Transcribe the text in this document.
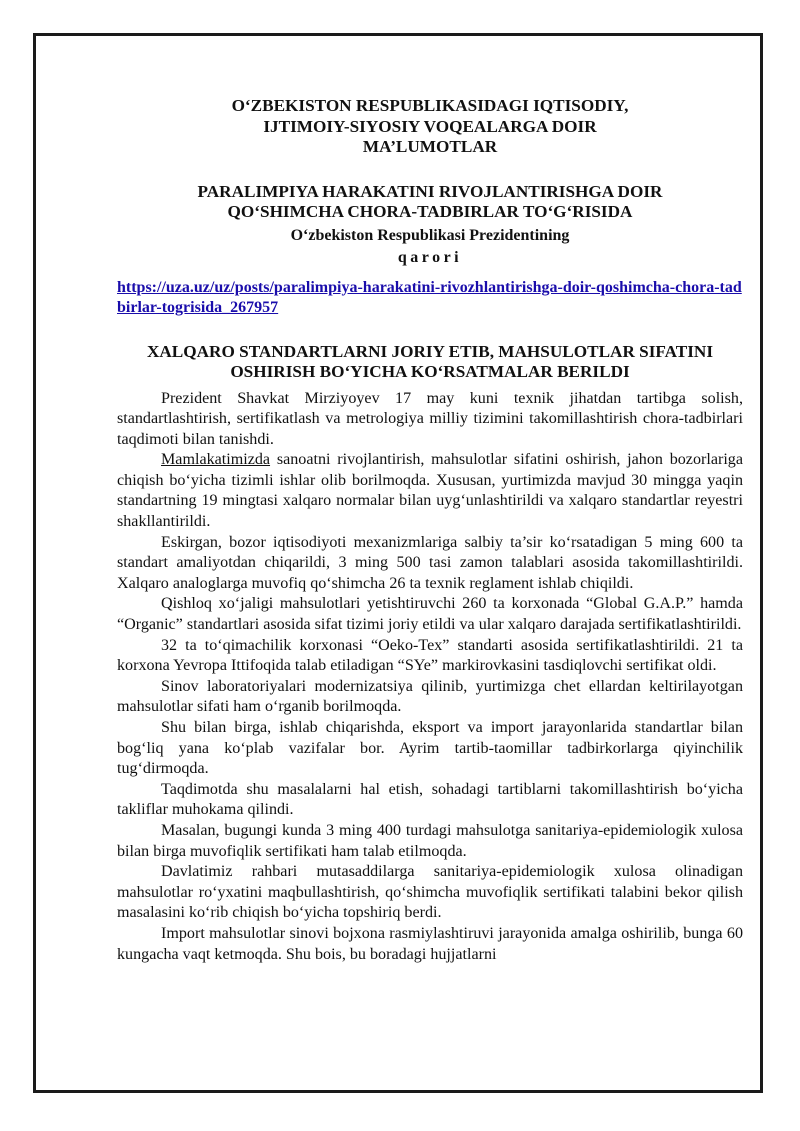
O‘ZBEKISTON RESPUBLIKASIDAGI IQTISODIY,
IJTIMOIY-SIYOSIY VOQEALARGA DOIR
MA’LUMOTLAR
PARALIMPIYA HARAKATINI RIVOJLANTIRISHGA DOIR
QO‘SHIMCHA CHORA-TADBIRLAR TO‘G‘RISIDA
O‘zbekiston Respublikasi Prezidentining
qarori
https://uza.uz/uz/posts/paralimpiya-harakatini-rivozhlantirishga-doir-qoshimcha-chora-tadbirlar-togrisida_267957
XALQARO STANDARTLARNI JORIY ETIB, MAHSULOTLAR SIFATINI
OSHIRISH BO‘YICHA KO‘RSATMALAR BERILDI

Prezident Shavkat Mirziyoyev 17 may kuni texnik jihatdan tartibga solish, standartlashtirish, sertifikatlash va metrologiya milliy tizimini takomillashtirish chora-tadbirlari taqdimoti bilan tanishdi.

Mamlakatimizda sanoatni rivojlantirish, mahsulotlar sifatini oshirish, jahon bozorlariga chiqish bo‘yicha tizimli ishlar olib borilmoqda. Xususan, yurtimizda mavjud 30 mingga yaqin standartning 19 mingtasi xalqaro normalar bilan uyg‘unlashtirildi va xalqaro standartlar reyestri shakllantirildi.

Eskirgan, bozor iqtisodiyoti mexanizmlariga salbiy ta’sir ko‘rsatadigan 5 ming 600 ta standart amaliyotdan chiqarildi, 3 ming 500 tasi zamon talablari asosida takomillashtirildi. Xalqaro analoglarga muvofiq qo‘shimcha 26 ta texnik reglament ishlab chiqildi.

Qishloq xo‘jaligi mahsulotlari yetishtiruvchi 260 ta korxonada “Global G.A.P.” hamda “Organic” standartlari asosida sifat tizimi joriy etildi va ular xalqaro darajada sertifikatlashtirildi.

32 ta to‘qimachilik korxonasi “Oeko-Tex” standarti asosida sertifikatlashtirildi. 21 ta korxona Yevropa Ittifoqida talab etiladigan “SYe” markirovkasini tasdiqlovchi sertifikat oldi.

Sinov laboratoriyalari modernizatsiya qilinib, yurtimizga chet ellardan keltirilayotgan mahsulotlar sifati ham o‘rganib borilmoqda.

Shu bilan birga, ishlab chiqarishda, eksport va import jarayonlarida standartlar bilan bog‘liq yana ko‘plab vazifalar bor. Ayrim tartib-taomillar tadbirkorlarga qiyinchilik tug‘dirmoqda.

Taqdimotda shu masalalarni hal etish, sohadagi tartiblarni takomillashtirish bo‘yicha takliflar muhokama qilindi.

Masalan, bugungi kunda 3 ming 400 turdagi mahsulotga sanitariya-epidemiologik xulosa bilan birga muvofiqlik sertifikati ham talab etilmoqda.

Davlatimiz rahbari mutasaddilarga sanitariya-epidemiologik xulosa olinadigan mahsulotlar ro‘yxatini maqbullashtirish, qo‘shimcha muvofiqlik sertifikati talabini bekor qilish masalasini ko‘rib chiqish bo‘yicha topshiriq berdi.

Import mahsulotlar sinovi bojxona rasmiylashtiruvi jarayonida amalga oshirilib, bunga 60 kungacha vaqt ketmoqda. Shu bois, bu boradagi hujjatlarni
